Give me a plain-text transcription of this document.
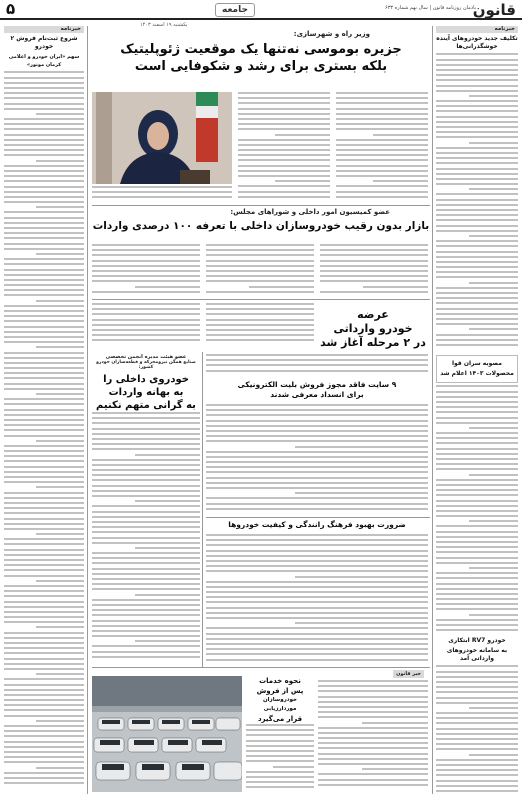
قانون
یادمان روزنامه قانون | سال نهم شماره ۶۳۳
جامعه
۵
یکشنبه ۱۹ اسفند ۱۴۰۳
خبرنامه
تکلیف جدید خودروهای آینده
خوشگذرانی‌ها
مصوبه سران قوا
محصولات ۱۴۰۳ اعلام شد
خودرو RV7 ابتکاری
به سامانه خودروهای وارداتی آمد
خبرنامه
شروع ثبت‌نام فروش ۲ خودرو
سهم «ایران خودرو و اعلامی کرمان موتور»
وزیر راه و شهرسازی:
جزیره بوموسی نه‌تنها یک موقعیت ژئوپلیتیک
بلکه بستری برای رشد و شکوفایی است
عضو کمیسیون امور داخلی و شوراهای مجلس:
بازار بدون رقیب خودروسازان داخلی با تعرفه ۱۰۰ درصدی واردات
عرضه
خودرو وارداتی
در ۲ مرحله آغاز شد
۹ سایت فاقد مجوز فروش بلیت الکترونیکی
برای انسداد معرفی شدند
ضرورت بهبود فرهنگ رانندگی و کیفیت خودروها
عضو هیئت مدیره انجمن تخصصی
صنایع همگن نیرومحرکه و قطعه‌سازان خودرو کشور:
خودروی داخلی را
به بهانه واردات
به گرانی متهم نکنیم
خبر قانون
نحوه خدمات
پس از فروش
خودروسازان موردارزیابی
قرار می‌گیرد
